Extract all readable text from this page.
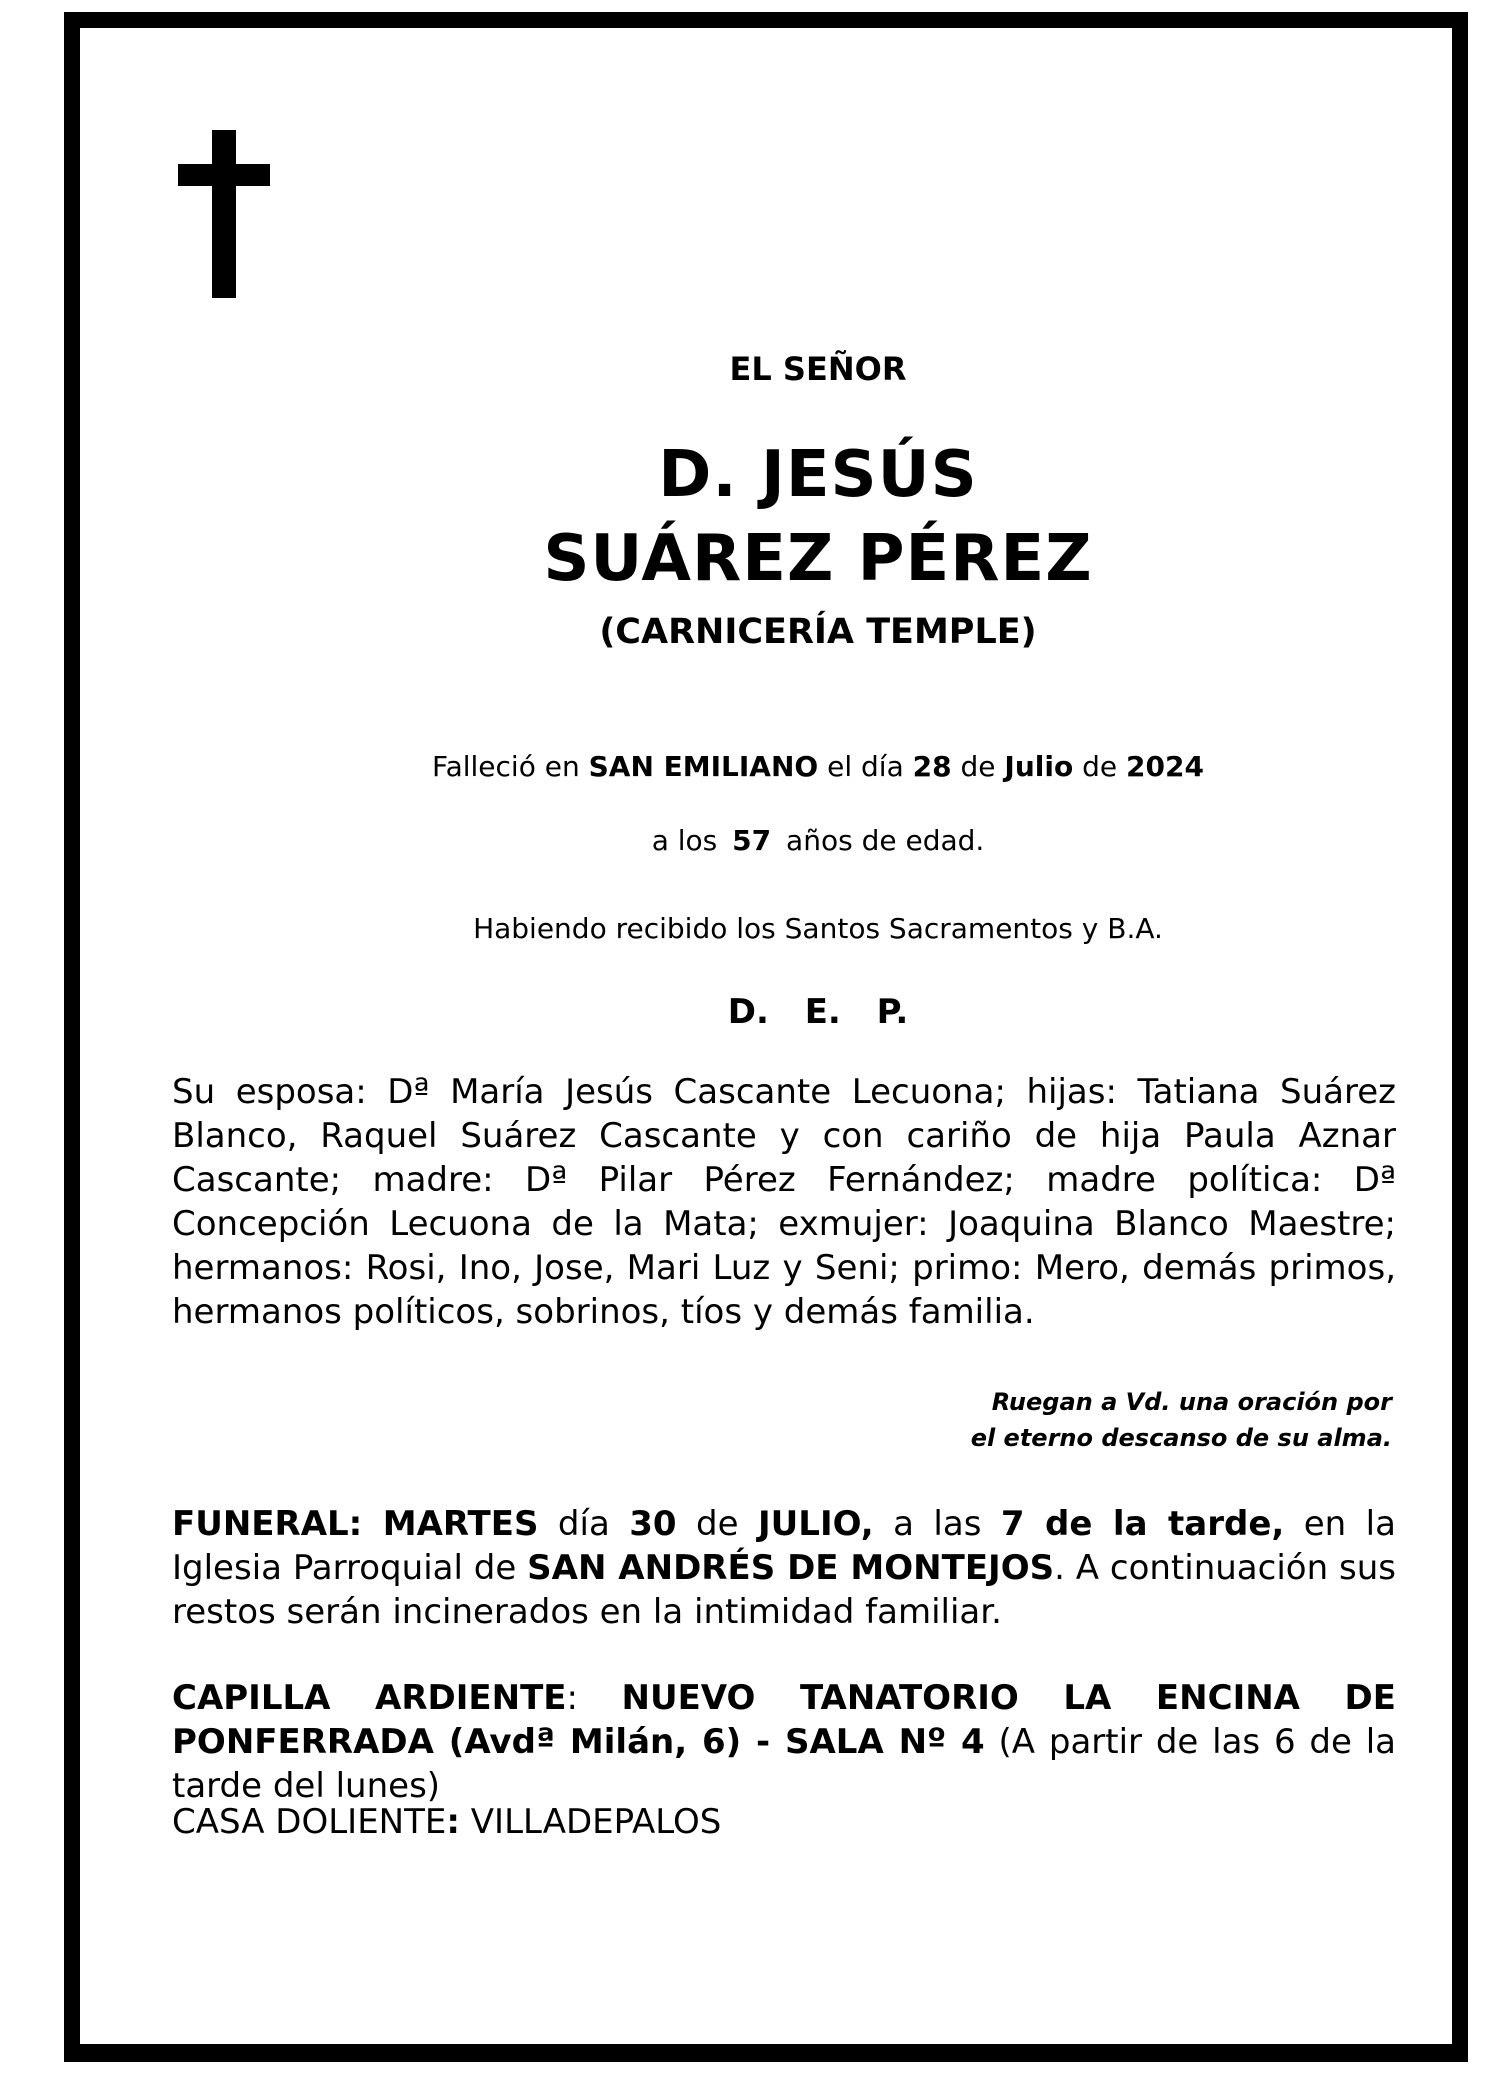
EL SEÑOR
D. JESÚS
SUÁREZ PÉREZ
(CARNICERÍA TEMPLE)
Falleció en SAN EMILIANO el día 28 de Julio de 2024
a los 57 años de edad.
Habiendo recibido los Santos Sacramentos y B.A.
D. E. P.
Su esposa: Dª María Jesús Cascante Lecuona; hijas: Tatiana Suárez Blanco, Raquel Suárez Cascante y con cariño de hija Paula Aznar Cascante; madre: Dª Pilar Pérez Fernández; madre política: Dª Concepción Lecuona de la Mata; exmujer: Joaquina Blanco Maestre; hermanos: Rosi, Ino, Jose, Mari Luz y Seni; primo: Mero, demás primos, hermanos políticos, sobrinos, tíos y demás familia.
Ruegan a Vd. una oración por
el eterno descanso de su alma.
FUNERAL: MARTES día 30 de JULIO, a las 7 de la tarde, en la Iglesia Parroquial de SAN ANDRÉS DE MONTEJOS. A continuación sus restos serán incinerados en la intimidad familiar.
CAPILLA ARDIENTE: NUEVO TANATORIO LA ENCINA DE PONFERRADA (Avdª Milán, 6) - SALA Nº 4 (A partir de las 6 de la tarde del lunes)
CASA DOLIENTE: VILLADEPALOS
